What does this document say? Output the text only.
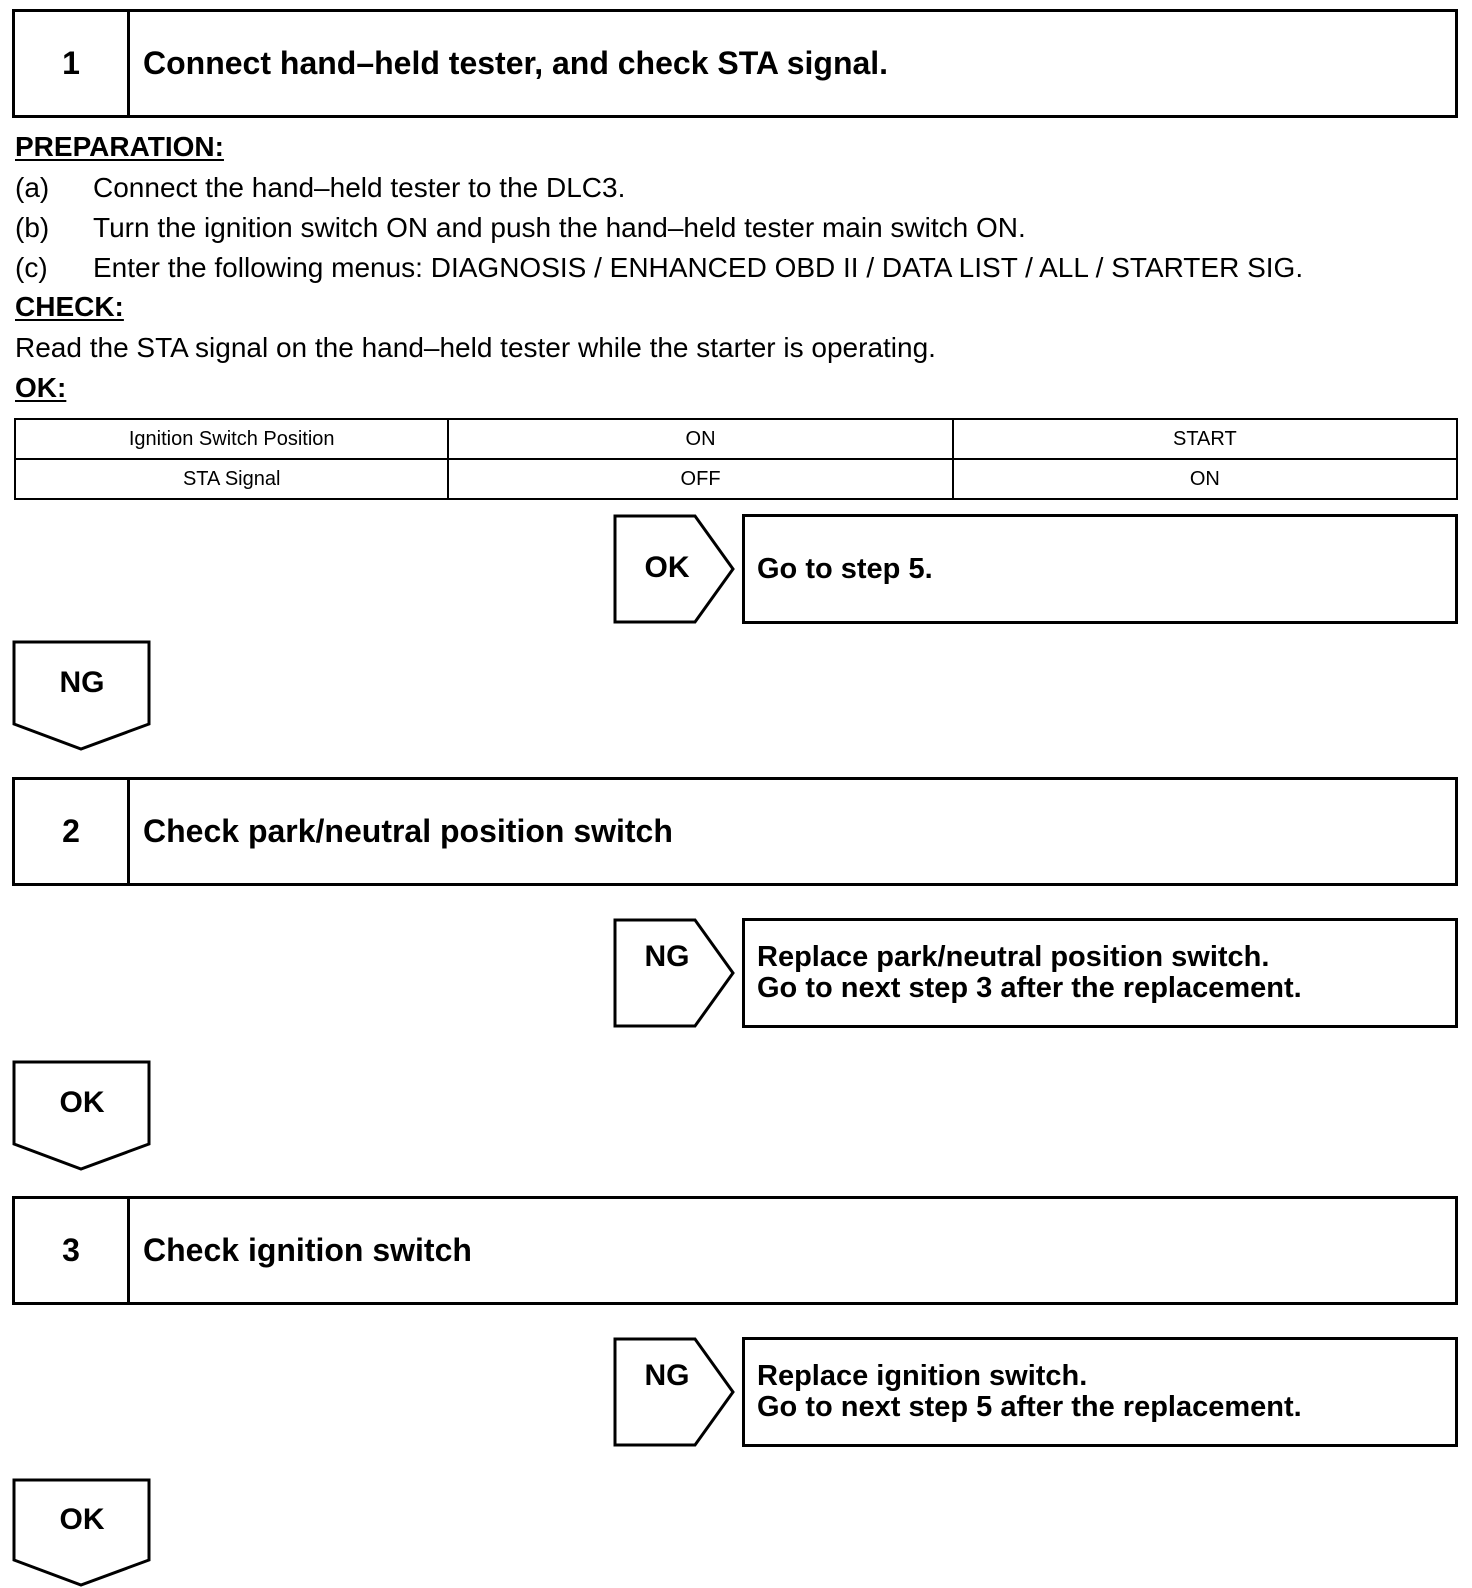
1	Connect hand–held tester, and check STA signal.
PREPARATION:
(a) Connect the hand–held tester to the DLC3.
(b) Turn the ignition switch ON and push the hand–held tester main switch ON.
(c) Enter the following menus: DIAGNOSIS / ENHANCED OBD II / DATA LIST / ALL / STARTER SIG.
CHECK:
Read the STA signal on the hand–held tester while the starter is operating.
OK:
Ignition Switch Position	ON	START
STA Signal	OFF	ON
OK	Go to step 5.
NG
2	Check park/neutral position switch
NG	Replace park/neutral position switch.
Go to next step 3 after the replacement.
OK
3	Check ignition switch
NG	Replace ignition switch.
Go to next step 5 after the replacement.
OK
